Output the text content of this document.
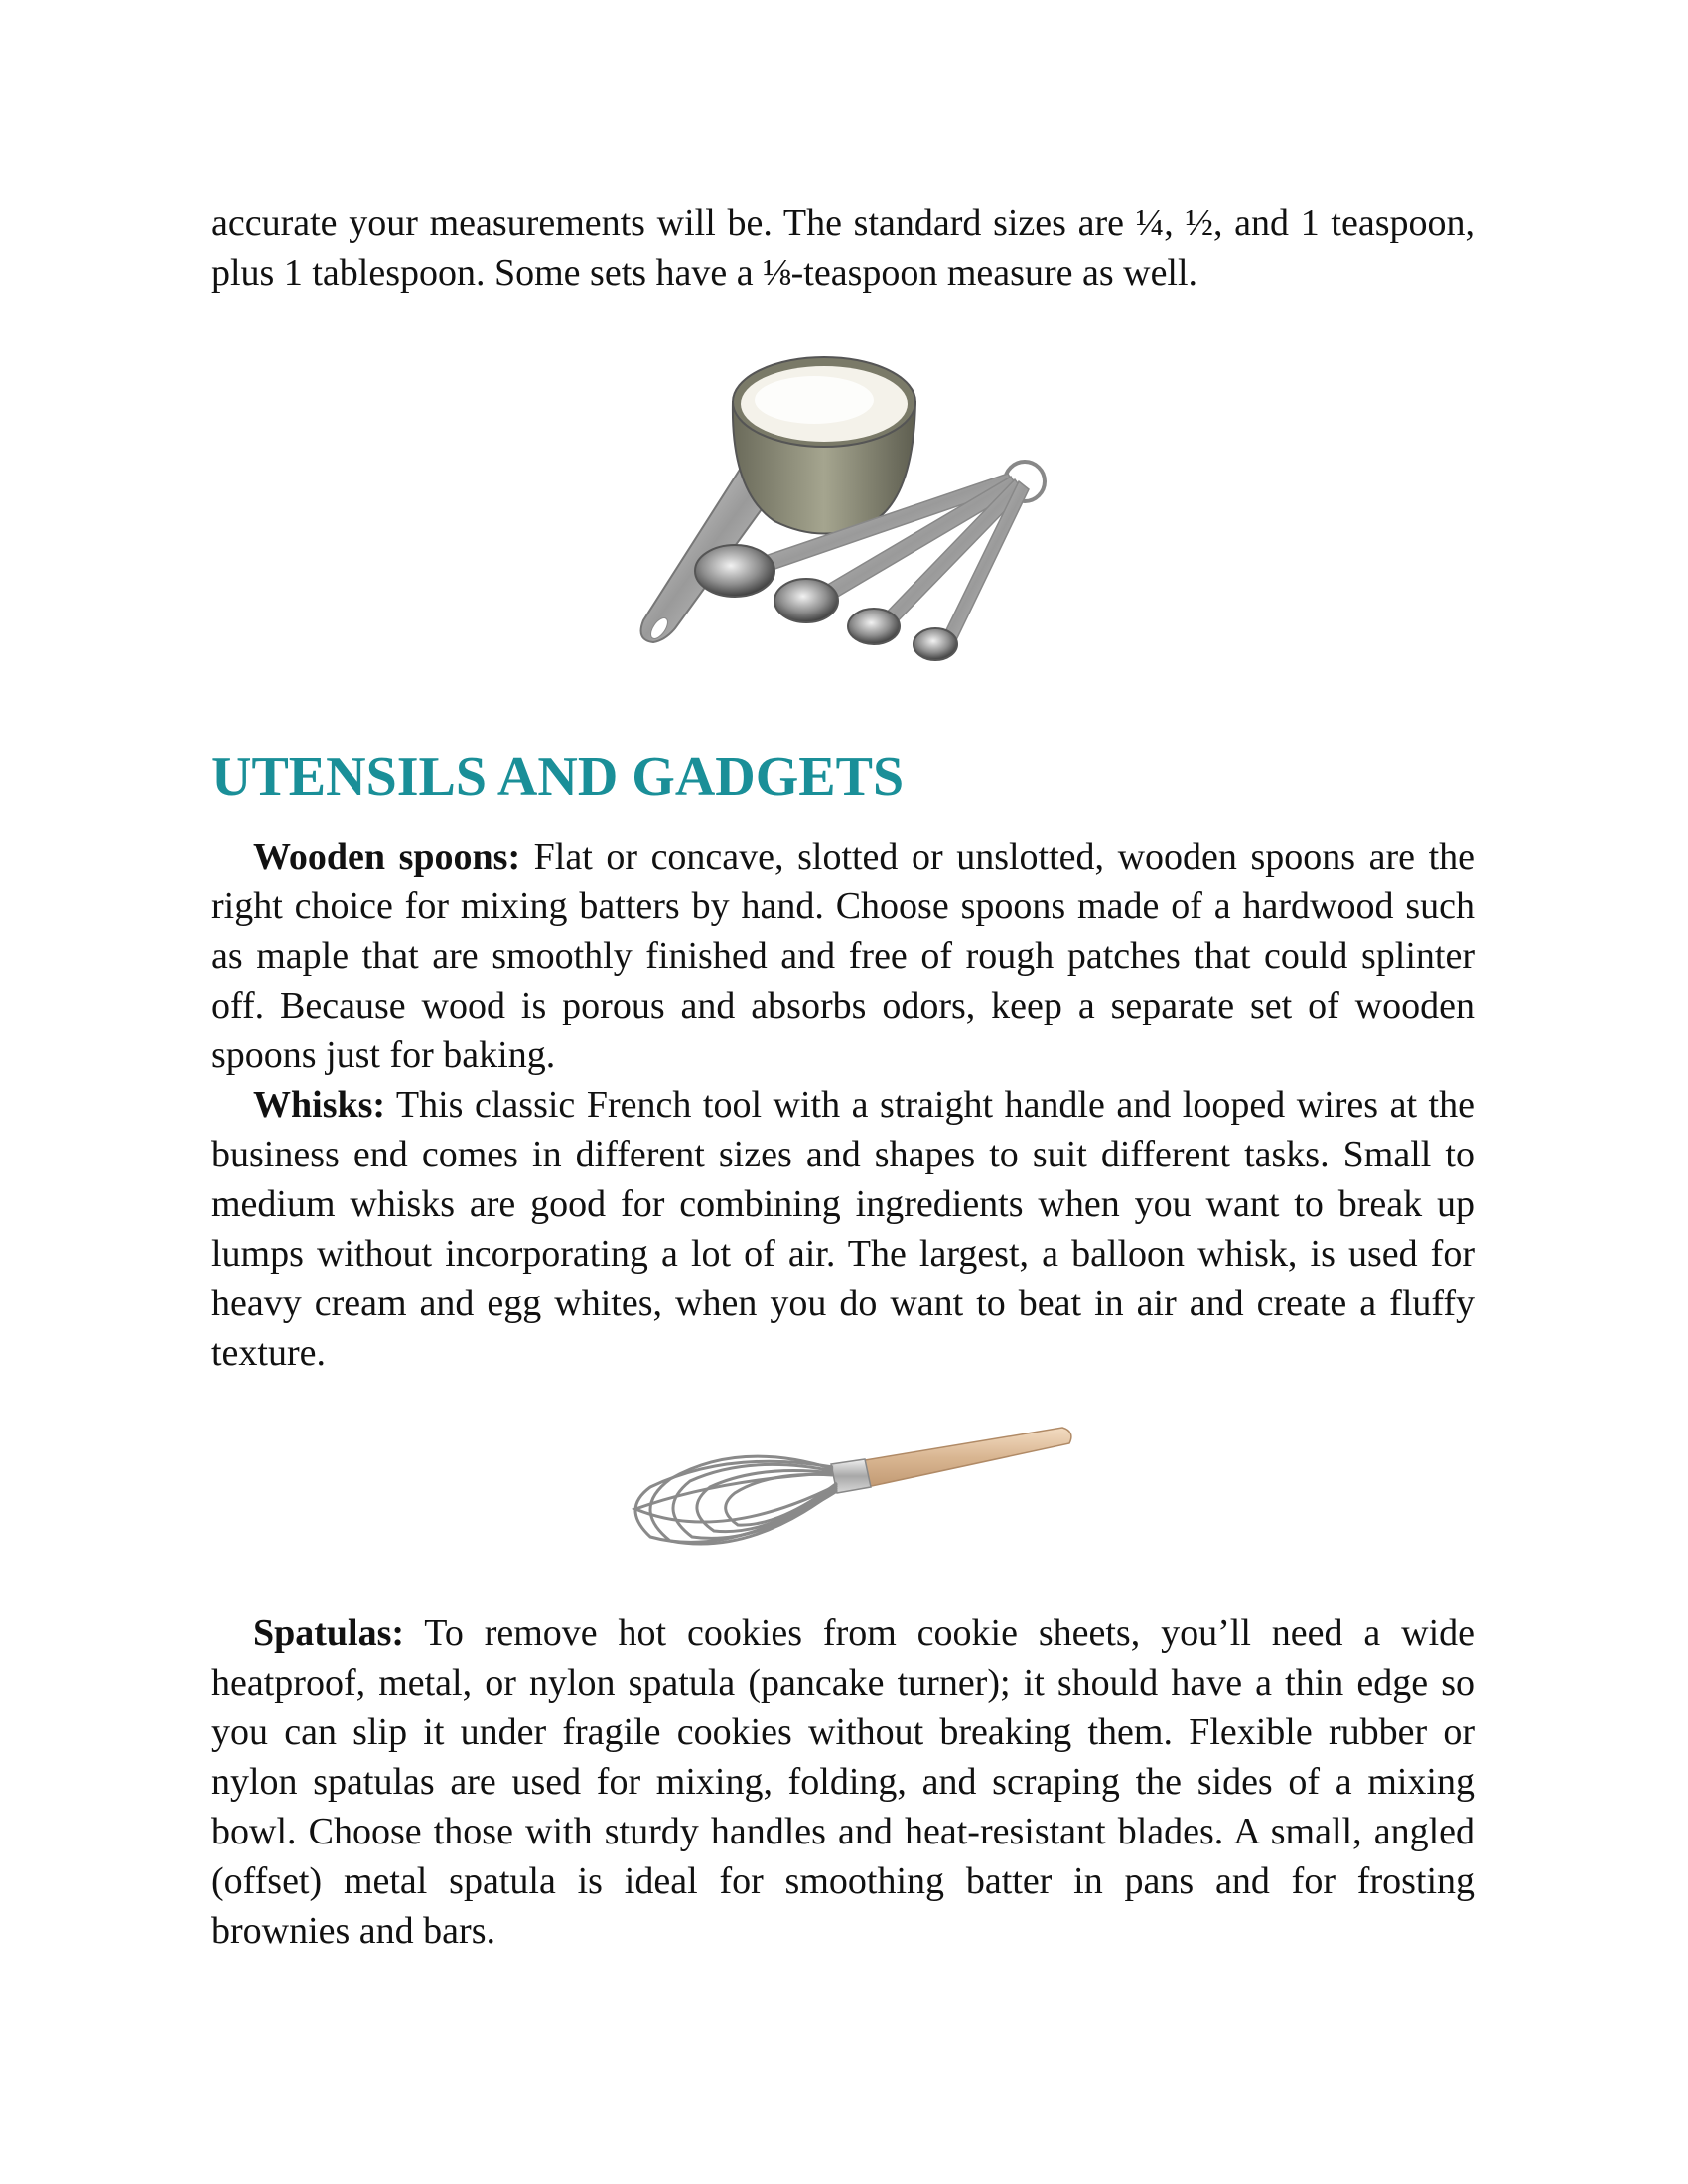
accurate your measurements will be. The standard sizes are ¼, ½, and 1 teaspoon, plus 1 tablespoon. Some sets have a ⅛-teaspoon measure as well.

UTENSILS AND GADGETS

Wooden spoons: Flat or concave, slotted or unslotted, wooden spoons are the right choice for mixing batters by hand. Choose spoons made of a hardwood such as maple that are smoothly finished and free of rough patches that could splinter off. Because wood is porous and absorbs odors, keep a separate set of wooden spoons just for baking.

Whisks: This classic French tool with a straight handle and looped wires at the business end comes in different sizes and shapes to suit different tasks. Small to medium whisks are good for combining ingredients when you want to break up lumps without incorporating a lot of air. The largest, a balloon whisk, is used for heavy cream and egg whites, when you do want to beat in air and create a fluffy texture.

Spatulas: To remove hot cookies from cookie sheets, you’ll need a wide heatproof, metal, or nylon spatula (pancake turner); it should have a thin edge so you can slip it under fragile cookies without breaking them. Flexible rubber or nylon spatulas are used for mixing, folding, and scraping the sides of a mixing bowl. Choose those with sturdy handles and heat-resistant blades. A small, angled (offset) metal spatula is ideal for smoothing batter in pans and for frosting brownies and bars.
